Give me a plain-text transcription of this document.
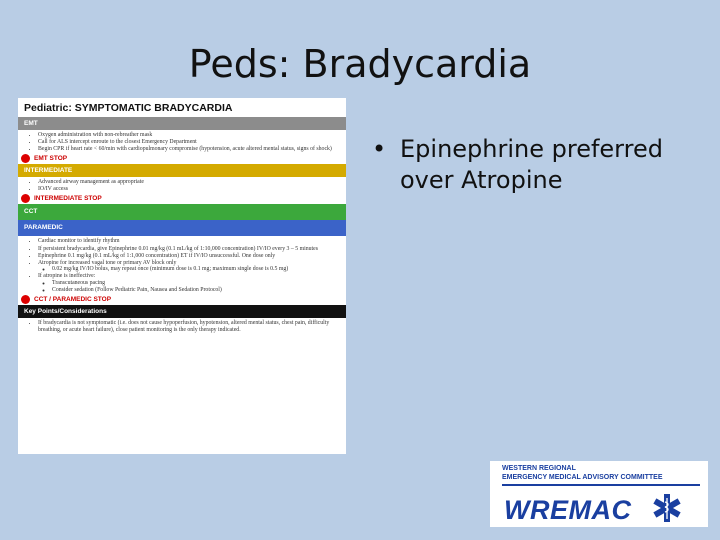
Peds: Bradycardia
Pediatric: SYMPTOMATIC BRADYCARDIA
EMT
• Oxygen administration with non-rebreather mask
• Call for ALS intercept enroute to the closest Emergency Department
• Begin CPR if heart rate < 60/min with cardiopulmonary compromise (hypotension, acute altered mental status, signs of shock)
EMT STOP
INTERMEDIATE
• Advanced airway management as appropriate
• IO/IV access
INTERMEDIATE STOP
CCT
PARAMEDIC
• Cardiac monitor to identify rhythm
• If persistent bradycardia, give Epinephrine 0.01 mg/kg (0.1 mL/kg of 1:10,000 concentration) IV/IO every 3 – 5 minutes
• Epinephrine 0.1 mg/kg (0.1 mL/kg of 1:1,000 concentration) ET if IV/IO unsuccessful. One dose only
• Atropine for increased vagal tone or primary AV block only
◦ 0.02 mg/kg IV/IO bolus, may repeat once (minimum dose is 0.1 mg; maximum single dose is 0.5 mg)
• If atropine is ineffective:
◦ Transcutaneous pacing
◦ Consider sedation (Follow Pediatric Pain, Nausea and Sedation Protocol)
CCT / PARAMEDIC STOP
Key Points/Considerations
• If bradycardia is not symptomatic (i.e. does not cause hypoperfusion, hypotension, altered mental status, chest pain, difficulty breathing, or acute heart failure), close patient monitoring is the only therapy indicated.
• Epinephrine preferred over Atropine
WESTERN REGIONAL
EMERGENCY MEDICAL ADVISORY COMMITTEE
WREMAC
